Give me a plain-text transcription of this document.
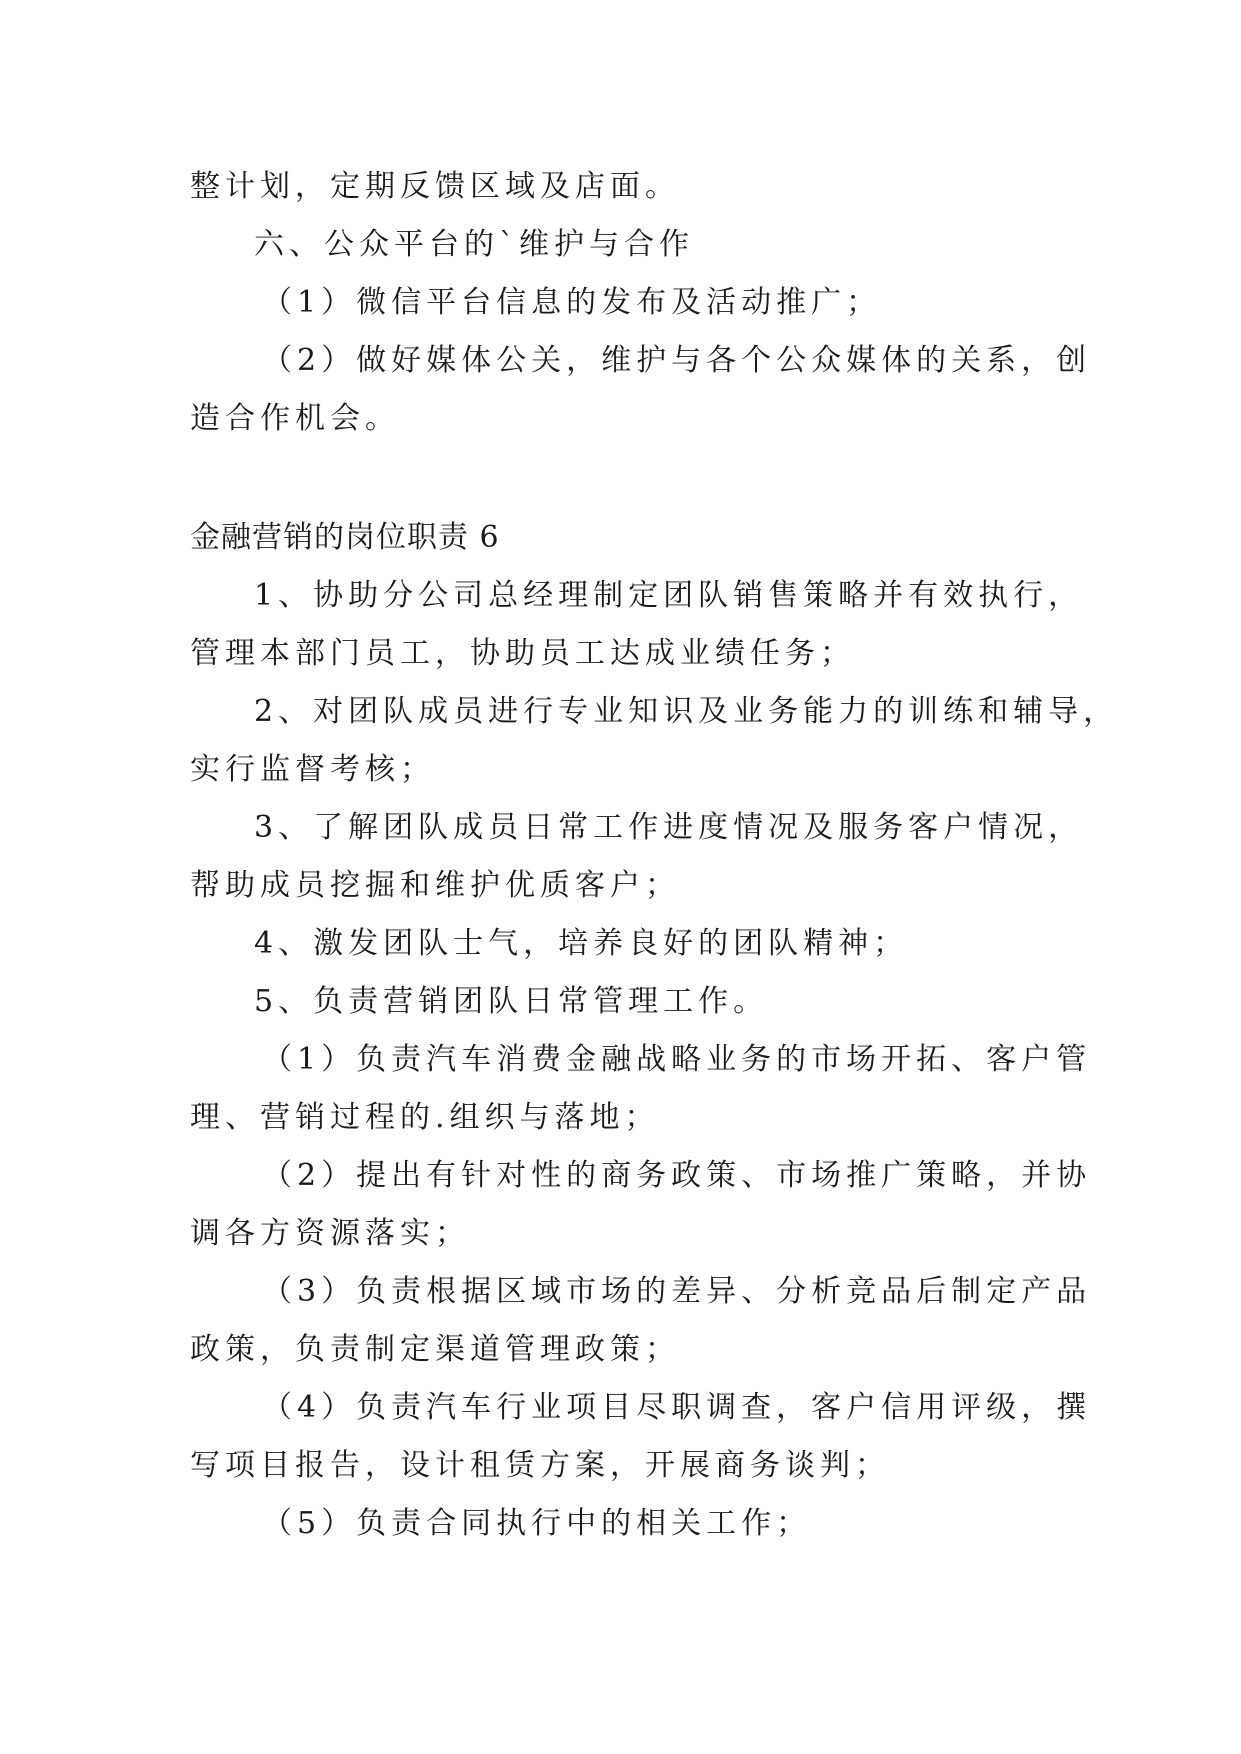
整计划，定期反馈区域及店面。
六、公众平台的`维护与合作
（1）微信平台信息的发布及活动推广；
（2）做好媒体公关，维护与各个公众媒体的关系，创
造合作机会。
金融营销的岗位职责 6
1、协助分公司总经理制定团队销售策略并有效执行，
管理本部门员工，协助员工达成业绩任务；
2、对团队成员进行专业知识及业务能力的训练和辅导，
实行监督考核；
3、了解团队成员日常工作进度情况及服务客户情况，
帮助成员挖掘和维护优质客户；
4、激发团队士气，培养良好的团队精神；
5、负责营销团队日常管理工作。
（1）负责汽车消费金融战略业务的市场开拓、客户管
理、营销过程的.组织与落地；
（2）提出有针对性的商务政策、市场推广策略，并协
调各方资源落实；
（3）负责根据区域市场的差异、分析竞品后制定产品
政策，负责制定渠道管理政策；
（4）负责汽车行业项目尽职调查，客户信用评级，撰
写项目报告，设计租赁方案，开展商务谈判；
（5）负责合同执行中的相关工作；
